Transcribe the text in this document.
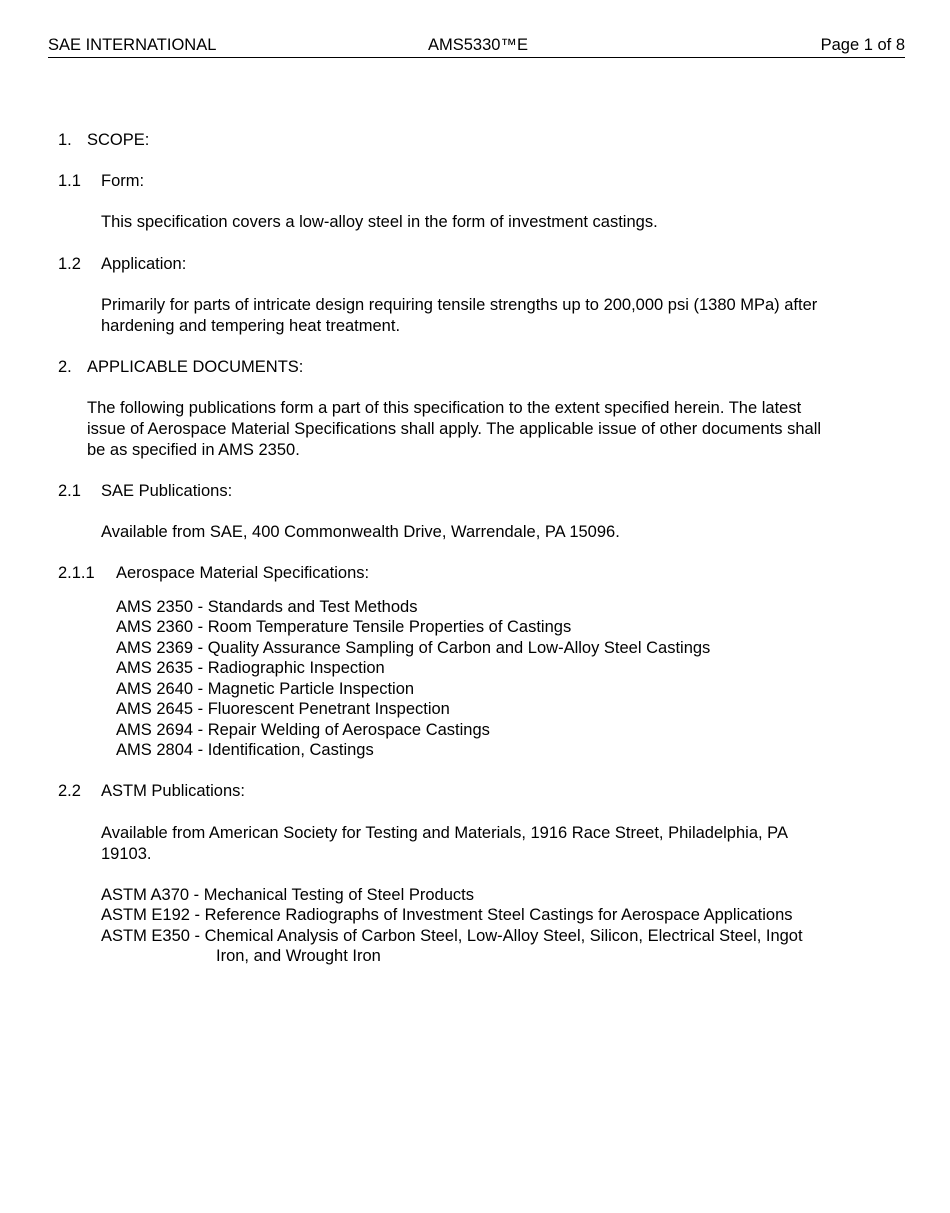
SAE INTERNATIONAL	AMS5330™E	Page 1 of 8
1. SCOPE:
1.1 Form:
This specification covers a low-alloy steel in the form of investment castings.
1.2 Application:
Primarily for parts of intricate design requiring tensile strengths up to 200,000 psi (1380 MPa) after
hardening and tempering heat treatment.
2. APPLICABLE DOCUMENTS:
The following publications form a part of this specification to the extent specified herein. The latest
issue of Aerospace Material Specifications shall apply. The applicable issue of other documents shall
be as specified in AMS 2350.
2.1 SAE Publications:
Available from SAE, 400 Commonwealth Drive, Warrendale, PA 15096.
2.1.1 Aerospace Material Specifications:
AMS 2350 - Standards and Test Methods
AMS 2360 - Room Temperature Tensile Properties of Castings
AMS 2369 - Quality Assurance Sampling of Carbon and Low-Alloy Steel Castings
AMS 2635 - Radiographic Inspection
AMS 2640 - Magnetic Particle Inspection
AMS 2645 - Fluorescent Penetrant Inspection
AMS 2694 - Repair Welding of Aerospace Castings
AMS 2804 - Identification, Castings
2.2 ASTM Publications:
Available from American Society for Testing and Materials, 1916 Race Street, Philadelphia, PA
19103.
ASTM A370 - Mechanical Testing of Steel Products
ASTM E192 - Reference Radiographs of Investment Steel Castings for Aerospace Applications
ASTM E350 - Chemical Analysis of Carbon Steel, Low-Alloy Steel, Silicon, Electrical Steel, Ingot
Iron, and Wrought Iron
